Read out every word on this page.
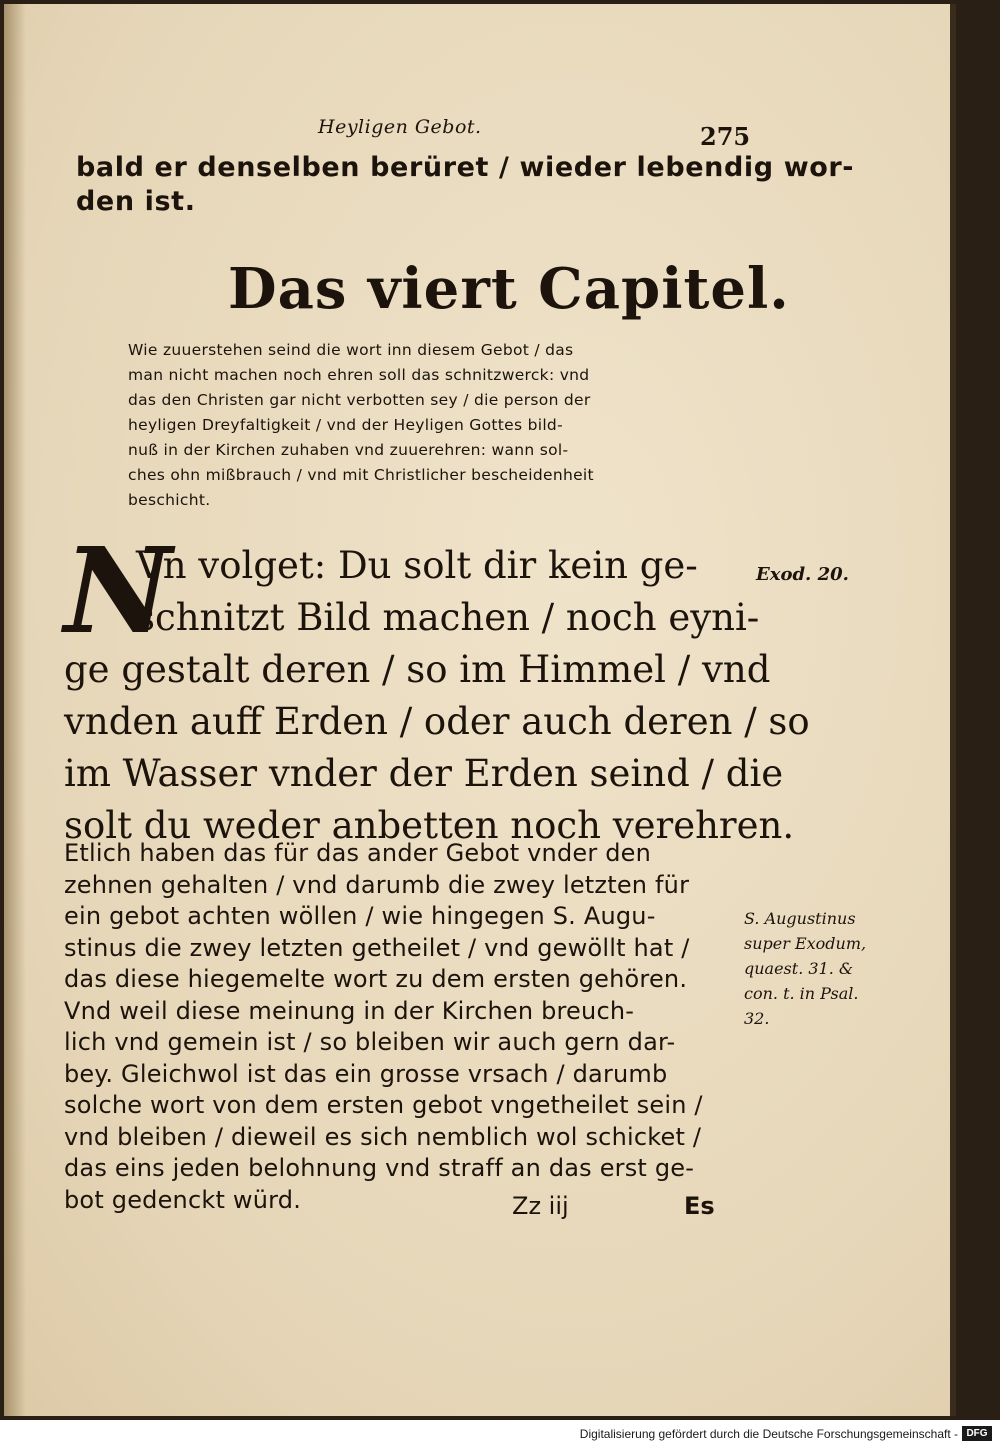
Heyligen Gebot.	275
bald er denselben berüret / wieder lebendig wor-
den ist.
Das viert Capitel.
Wie zuuerstehen seind die wort inn diesem Gebot / das
man nicht machen noch ehren soll das schnitzwerck: vnd
das den Christen gar nicht verbotten sey / die person der
heyligen Dreyfaltigkeit / vnd der Heyligen Gottes bild-
nuß in der Kirchen zuhaben vnd zuuerehren: wann sol-
ches ohn mißbrauch / vnd mit Christlicher bescheidenheit
beschicht.
N
Vn volget: Du solt dir kein ge-
schnitzt Bild machen / noch eyni-
ge gestalt deren / so im Himmel / vnd
vnden auff Erden / oder auch deren / so
im Wasser vnder der Erden seind / die
solt du weder anbetten noch verehren.
Etlich haben das für das ander Gebot vnder den
zehnen gehalten / vnd darumb die zwey letzten für
ein gebot achten wöllen / wie hingegen S. Augu-
stinus die zwey letzten getheilet / vnd gewöllt hat /
das diese hiegemelte wort zu dem ersten gehören.
Vnd weil diese meinung in der Kirchen breuch-
lich vnd gemein ist / so bleiben wir auch gern dar-
bey. Gleichwol ist das ein grosse vrsach / darumb
solche wort von dem ersten gebot vngetheilet sein /
vnd bleiben / dieweil es sich nemblich wol schicket /
das eins jeden belohnung vnd straff an das erst ge-
bot gedenckt würd.	Zz iij	Es
Exod. 20.
S. Augustinus
super Exodum,
quaest. 31. &
con. t. in Psal.
32.
Digitalisierung gefördert durch die Deutsche Forschungsgemeinschaft - DFG
